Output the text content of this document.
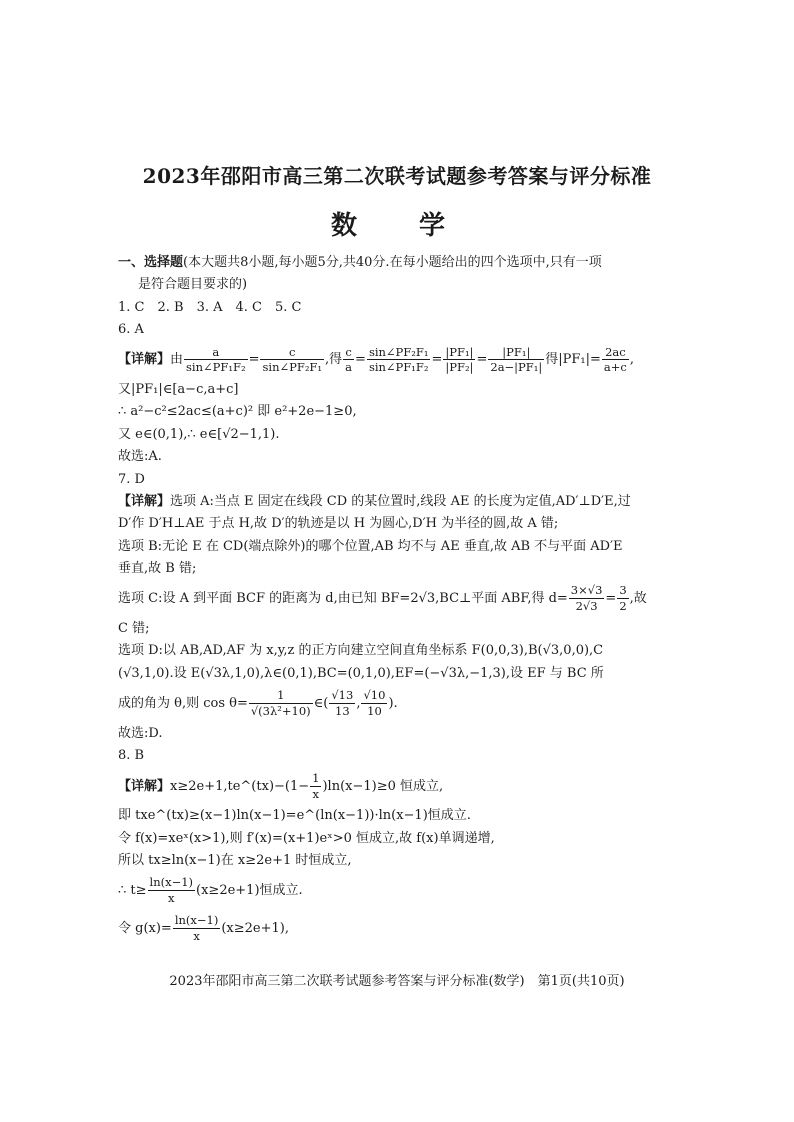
2023年邵阳市高三第二次联考试题参考答案与评分标准
数　学
一、选择题(本大题共8小题,每小题5分,共40分.在每小题给出的四个选项中,只有一项
是符合题目要求的)
1. C　2. B　3. A　4. C　5. C
6. A
【详解】由 $\frac{a}{\text{sin∠PF₁F₂}} = \frac{c}{\text{sin∠PF₂F₁}}$ ,得 $\frac{c}{a} = \frac{\text{sin∠PF₂F₁}}{\text{sin∠PF₁F₂}} = \frac{\text{|PF₁|}}{\text{|PF₂|}} = \frac{\text{|PF₁|}}{\text{2a−|PF₁|}}$ 得$|PF_1|= \frac{2ac}{a+c}$ ,
又|PF₁|∈[a−c,a+c]
∴ a²−c²≤2ac≤(a+c)² 即 e²+2e−1≥0,
又 e∈(0,1),∴ e∈[√2−1,1).
故选:A.
7. D
【详解】选项 A:当点 E 固定在线段 CD 的某位置时,线段 AE 的长度为定值,AD′⊥D′E,过
D′作 D′H⊥AE 于点 H,故 D′的轨迹是以 H 为圆心,D′H 为半径的圆,故 A 错;
选项 B:无论 E 在 CD(端点除外)的哪个位置,AB 均不与 AE 垂直,故 AB 不与平面 AD′E
垂直,故 B 错;
选项 C:设 A 到平面 BCF 的距离为 d,由已知 BF=2√3,BC⊥平面 ABF,得 $d= \frac{3\times√3}{2√3} = \frac{3}{2}$ ,故
C 错;
选项 D:以 AB,AD,AF 为 x,y,z 的正方向建立空间直角坐标系 F(0,0,3),B(√3,0,0),C
(√3,1,0).设 E(√3λ,1,0),λ∈(0,1),BC=(0,1,0),EF=(−√3λ,−1,3),设 EF 与 BC 所
成的角为 θ,则 $\cos \theta= \frac{1}{\text{√(3λ²+10)}}$ ∈( $\frac{√13}{13}$ , $\frac{√10}{10}$ ).
故选:D.
8. B
【详解】x≥2e+1,te^(tx)−(1− $\frac{1}{x} )\ln(x-1)\ge 0$ 恒成立,
即 txe^(tx)≥(x−1)ln(x−1)=e^(ln(x−1))·ln(x−1)恒成立.
令 f(x)=xeˣ(x>1),则 f′(x)=(x+1)eˣ>0 恒成立,故 f(x)单调递增,
所以 tx≥ln(x−1)在 x≥2e+1 时恒成立,
∴ $t\ge \frac{\ln(x-1)}{x} (x\ge 2e+1)$恒成立.
令 $g(x)= \frac{\ln(x-1)}{x} (x\ge 2e+1)$,
2023年邵阳市高三第二次联考试题参考答案与评分标准(数学)　第1页(共10页)
